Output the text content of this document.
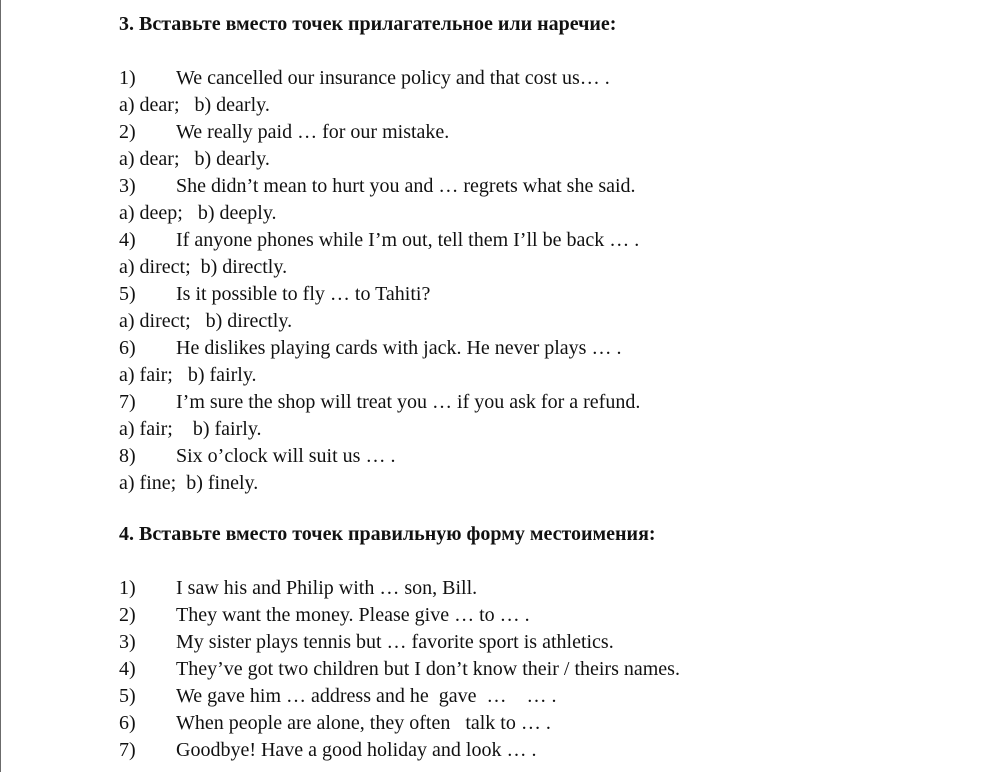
3. Вставьте вместо точек прилагательное или наречие:
1)	We cancelled our insurance policy and that cost us… .
a) dear;   b) dearly.
2)	We really paid … for our mistake.
a) dear;   b) dearly.
3)	She didn’t mean to hurt you and … regrets what she said.
a) deep;   b) deeply.
4)	If anyone phones while I’m out, tell them I’ll be back … .
a) direct;  b) directly.
5)	Is it possible to fly … to Tahiti?
a) direct;   b) directly.
6)	He dislikes playing cards with jack. He never plays … .
a) fair;   b) fairly.
7)	I’m sure the shop will treat you … if you ask for a refund.
a) fair;    b) fairly.
8)	Six o’clock will suit us … .
a) fine;  b) finely.
4. Вставьте вместо точек правильную форму местоимения:
1)	I saw his and Philip with … son, Bill.
2)	They want the money. Please give … to … .
3)	My sister plays tennis but … favorite sport is athletics.
4)	They’ve got two children but I don’t know their / theirs names.
5)	We gave him … address and he  gave  …    … .
6)	When people are alone, they often   talk to … .
7)	Goodbye! Have a good holiday and look … .
